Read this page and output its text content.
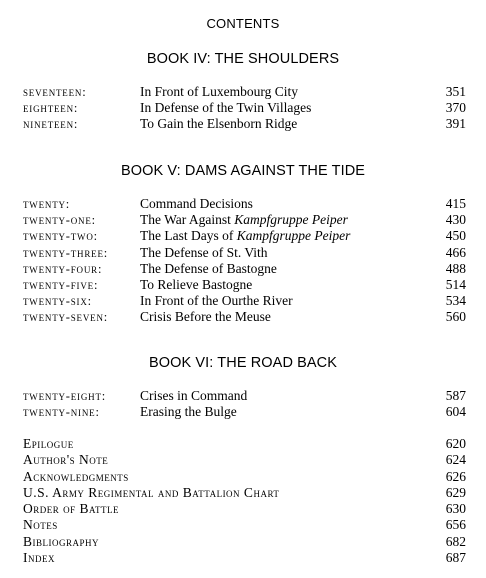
CONTENTS
BOOK IV: THE SHOULDERS
seventeen:	In Front of Luxembourg City	351
eighteen:	In Defense of the Twin Villages	370
nineteen:	To Gain the Elsenborn Ridge	391
BOOK V: DAMS AGAINST THE TIDE
twenty:	Command Decisions	415
twenty-one:	The War Against Kampfgruppe Peiper	430
twenty-two:	The Last Days of Kampfgruppe Peiper	450
twenty-three: The Defense of St. Vith	466
twenty-four:	The Defense of Bastogne	488
twenty-five:	To Relieve Bastogne	514
twenty-six:	In Front of the Ourthe River	534
twenty-seven: Crisis Before the Meuse	560
BOOK VI: THE ROAD BACK
twenty-eight:	Crises in Command	587
twenty-nine:	Erasing the Bulge	604
Epilogue	620
Author's Note	624
Acknowledgments	626
U.S. Army Regimental and Battalion Chart	629
Order of Battle	630
Notes	656
Bibliography	682
Index	687
